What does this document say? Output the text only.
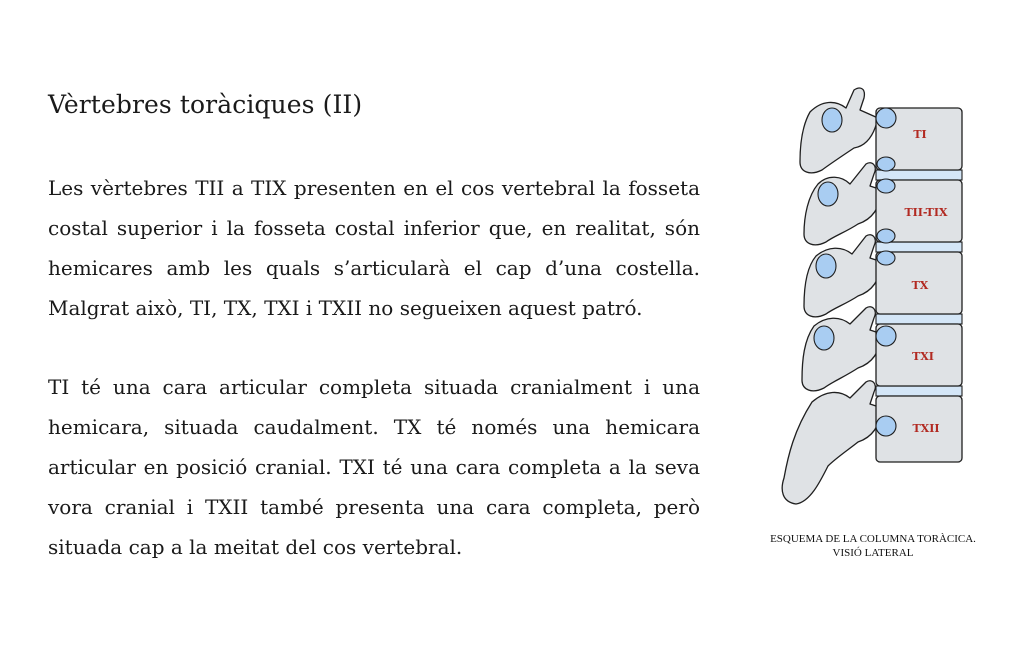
Vèrtebres toràciques (II)

Les vèrtebres TII a TIX presenten en el cos vertebral la fosseta costal superior i la fosseta costal inferior que, en realitat, són hemicares amb les quals s’articularà el cap d’una costella. Malgrat això, TI, TX, TXI i TXII no segueixen aquest patró.

TI té una cara articular completa situada cranialment i una hemicara, situada caudalment. TX té només una hemicara articular en posició cranial. TXI té una cara completa a la seva vora cranial i TXII també presenta una cara completa, però situada cap a la meitat del cos vertebral.

TI
TII-TIX
TX
TXI
TXII
ESQUEMA DE LA COLUMNA TORÀCICA.
VISIÓ LATERAL
